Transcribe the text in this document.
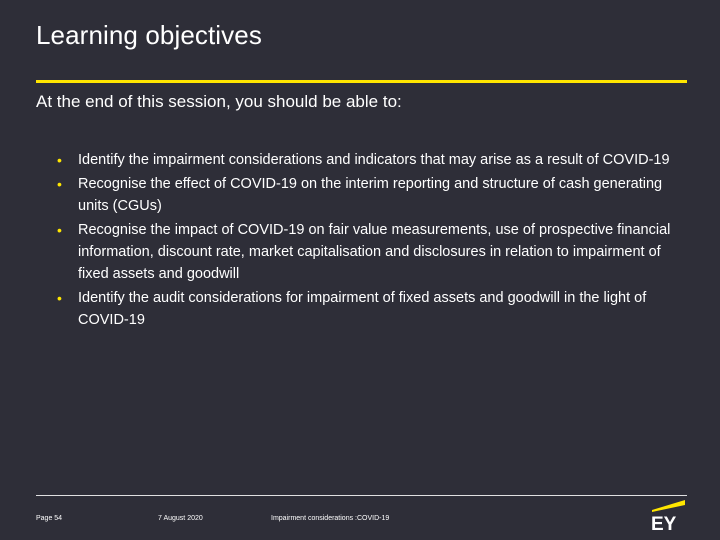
Learning objectives

At the end of this session, you should be able to:

• Identify the impairment considerations and indicators that may arise as a result of COVID-19
• Recognise the effect of COVID-19 on the interim reporting and structure of cash generating units (CGUs)
• Recognise the impact of COVID-19 on fair value measurements, use of prospective financial information, discount rate, market capitalisation and disclosures in relation to impairment of fixed assets and goodwill
• Identify the audit considerations for impairment of fixed assets and goodwill in the light of COVID-19
Page 54	7 August 2020	Impairment considerations :COVID-19	EY
